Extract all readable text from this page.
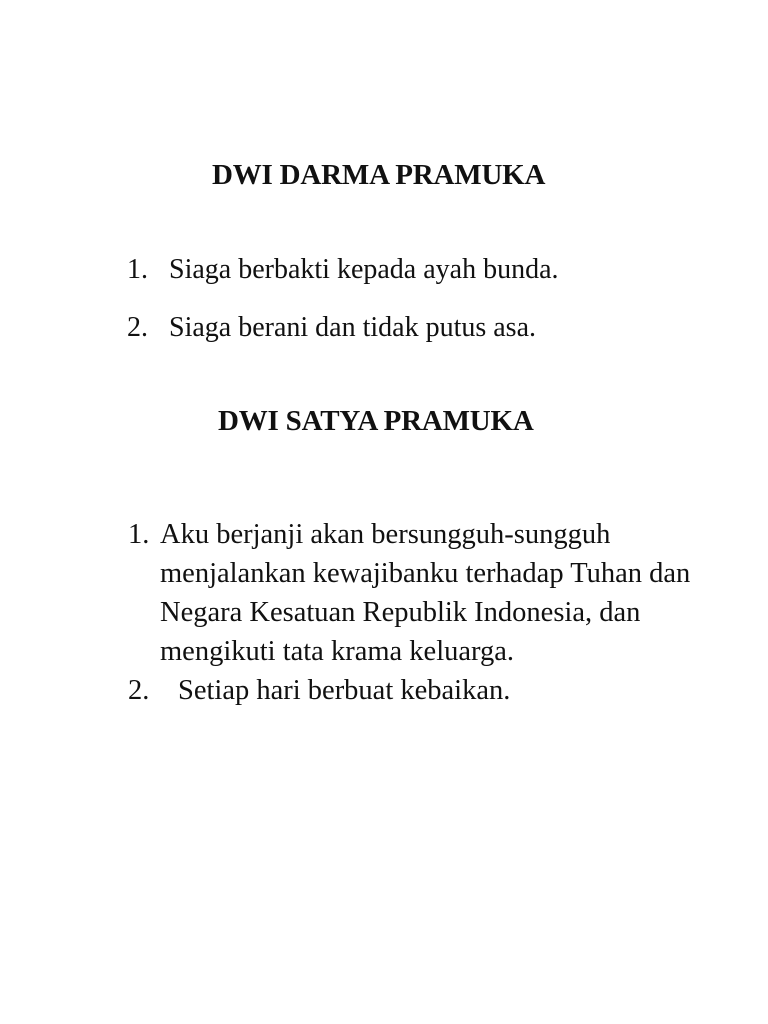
DWI DARMA PRAMUKA
1. Siaga berbakti kepada ayah bunda.
2. Siaga berani dan tidak putus asa.
DWI SATYA PRAMUKA
1. Aku berjanji akan bersungguh-sungguh menjalankan kewajibanku terhadap Tuhan dan Negara Kesatuan Republik Indonesia, dan mengikuti tata krama keluarga.
2.	Setiap hari berbuat kebaikan.
